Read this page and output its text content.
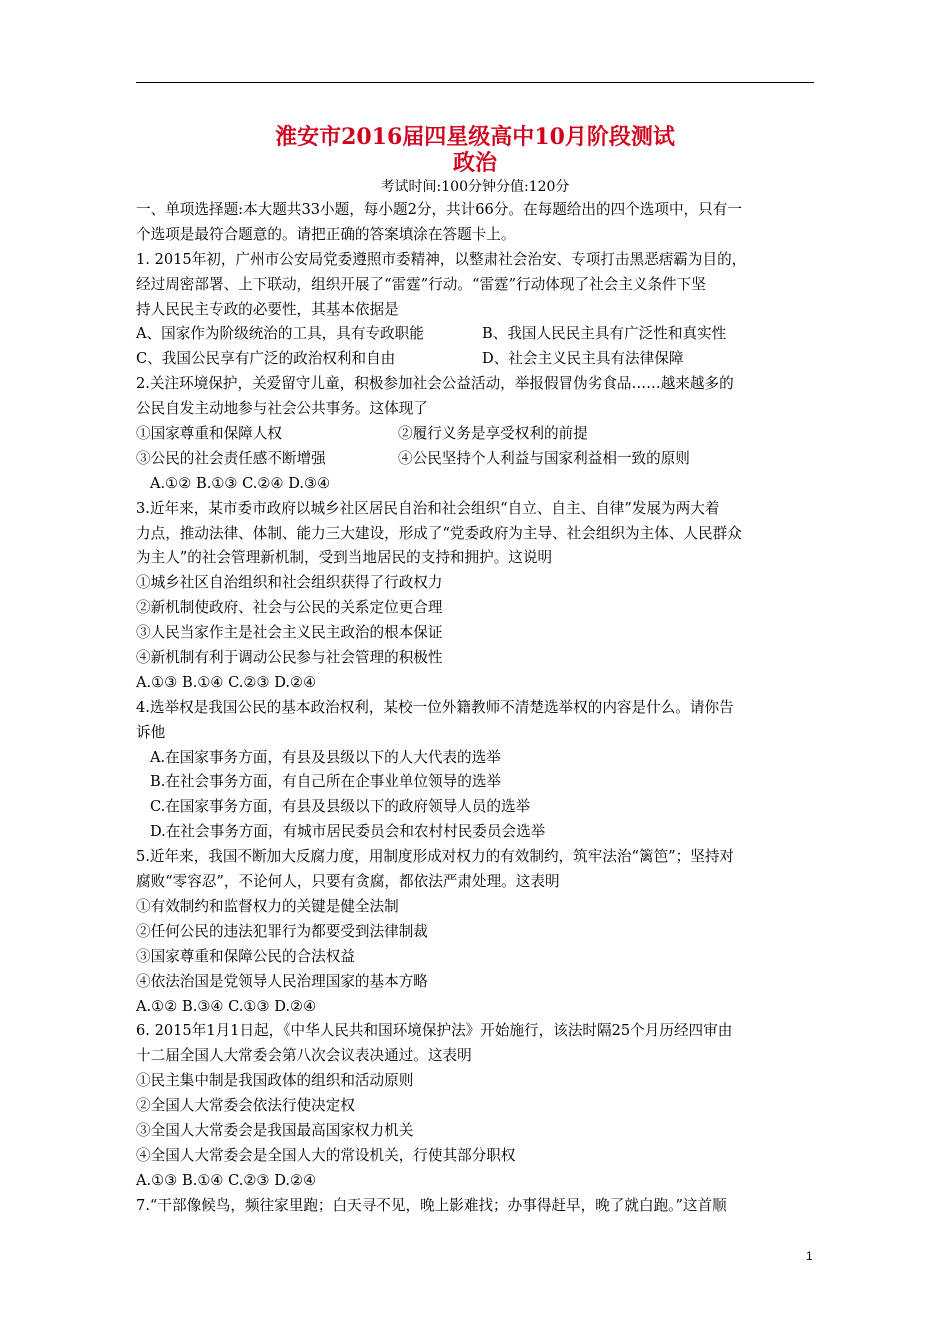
淮安市2016届四星级高中10月阶段测试
政治
考试时间:100分钟分值:120分
一、单项选择题:本大题共33小题，每小题2分，共计66分。在每题给出的四个选项中，只有一
个选项是最符合题意的。请把正确的答案填涂在答题卡上。
1. 2015年初，广州市公安局党委遵照市委精神，以整肃社会治安、专项打击黑恶痞霸为目的，
经过周密部署、上下联动，组织开展了“雷霆”行动。“雷霆”行动体现了社会主义条件下坚
持人民民主专政的必要性，其基本依据是
A、国家作为阶级统治的工具，具有专政职能	B、我国人民民主具有广泛性和真实性
C、我国公民享有广泛的政治权利和自由	D、社会主义民主具有法律保障
2.关注环境保护，关爱留守儿童，积极参加社会公益活动，举报假冒伪劣食品……越来越多的
公民自发主动地参与社会公共事务。这体现了
①国家尊重和保障人权	②履行义务是享受权利的前提
③公民的社会责任感不断增强	④公民坚持个人利益与国家利益相一致的原则
A.①② B.①③ C.②④ D.③④
3.近年来，某市委市政府以城乡社区居民自治和社会组织“自立、自主、自律”发展为两大着
力点，推动法律、体制、能力三大建设，形成了“党委政府为主导、社会组织为主体、人民群众
为主人”的社会管理新机制，受到当地居民的支持和拥护。这说明
①城乡社区自治组织和社会组织获得了行政权力
②新机制使政府、社会与公民的关系定位更合理
③人民当家作主是社会主义民主政治的根本保证
④新机制有利于调动公民参与社会管理的积极性
A.①③ B.①④ C.②③ D.②④
4.选举权是我国公民的基本政治权利，某校一位外籍教师不清楚选举权的内容是什么。请你告
诉他
A.在国家事务方面，有县及县级以下的人大代表的选举
B.在社会事务方面，有自己所在企事业单位领导的选举
C.在国家事务方面，有县及县级以下的政府领导人员的选举
D.在社会事务方面，有城市居民委员会和农村村民委员会选举
5.近年来，我国不断加大反腐力度，用制度形成对权力的有效制约，筑牢法治“篱笆”；坚持对
腐败“零容忍”，不论何人，只要有贪腐，都依法严肃处理。这表明
①有效制约和监督权力的关键是健全法制
②任何公民的违法犯罪行为都要受到法律制裁
③国家尊重和保障公民的合法权益
④依法治国是党领导人民治理国家的基本方略
A.①② B.③④ C.①③ D.②④
6. 2015年1月1日起，《中华人民共和国环境保护法》开始施行，该法时隔25个月历经四审由
十二届全国人大常委会第八次会议表决通过。这表明
①民主集中制是我国政体的组织和活动原则
②全国人大常委会依法行使决定权
③全国人大常委会是我国最高国家权力机关
④全国人大常委会是全国人大的常设机关，行使其部分职权
A.①③ B.①④ C.②③ D.②④
7.“干部像候鸟，频往家里跑；白天寻不见，晚上影难找；办事得赶早，晚了就白跑。”这首顺
1
